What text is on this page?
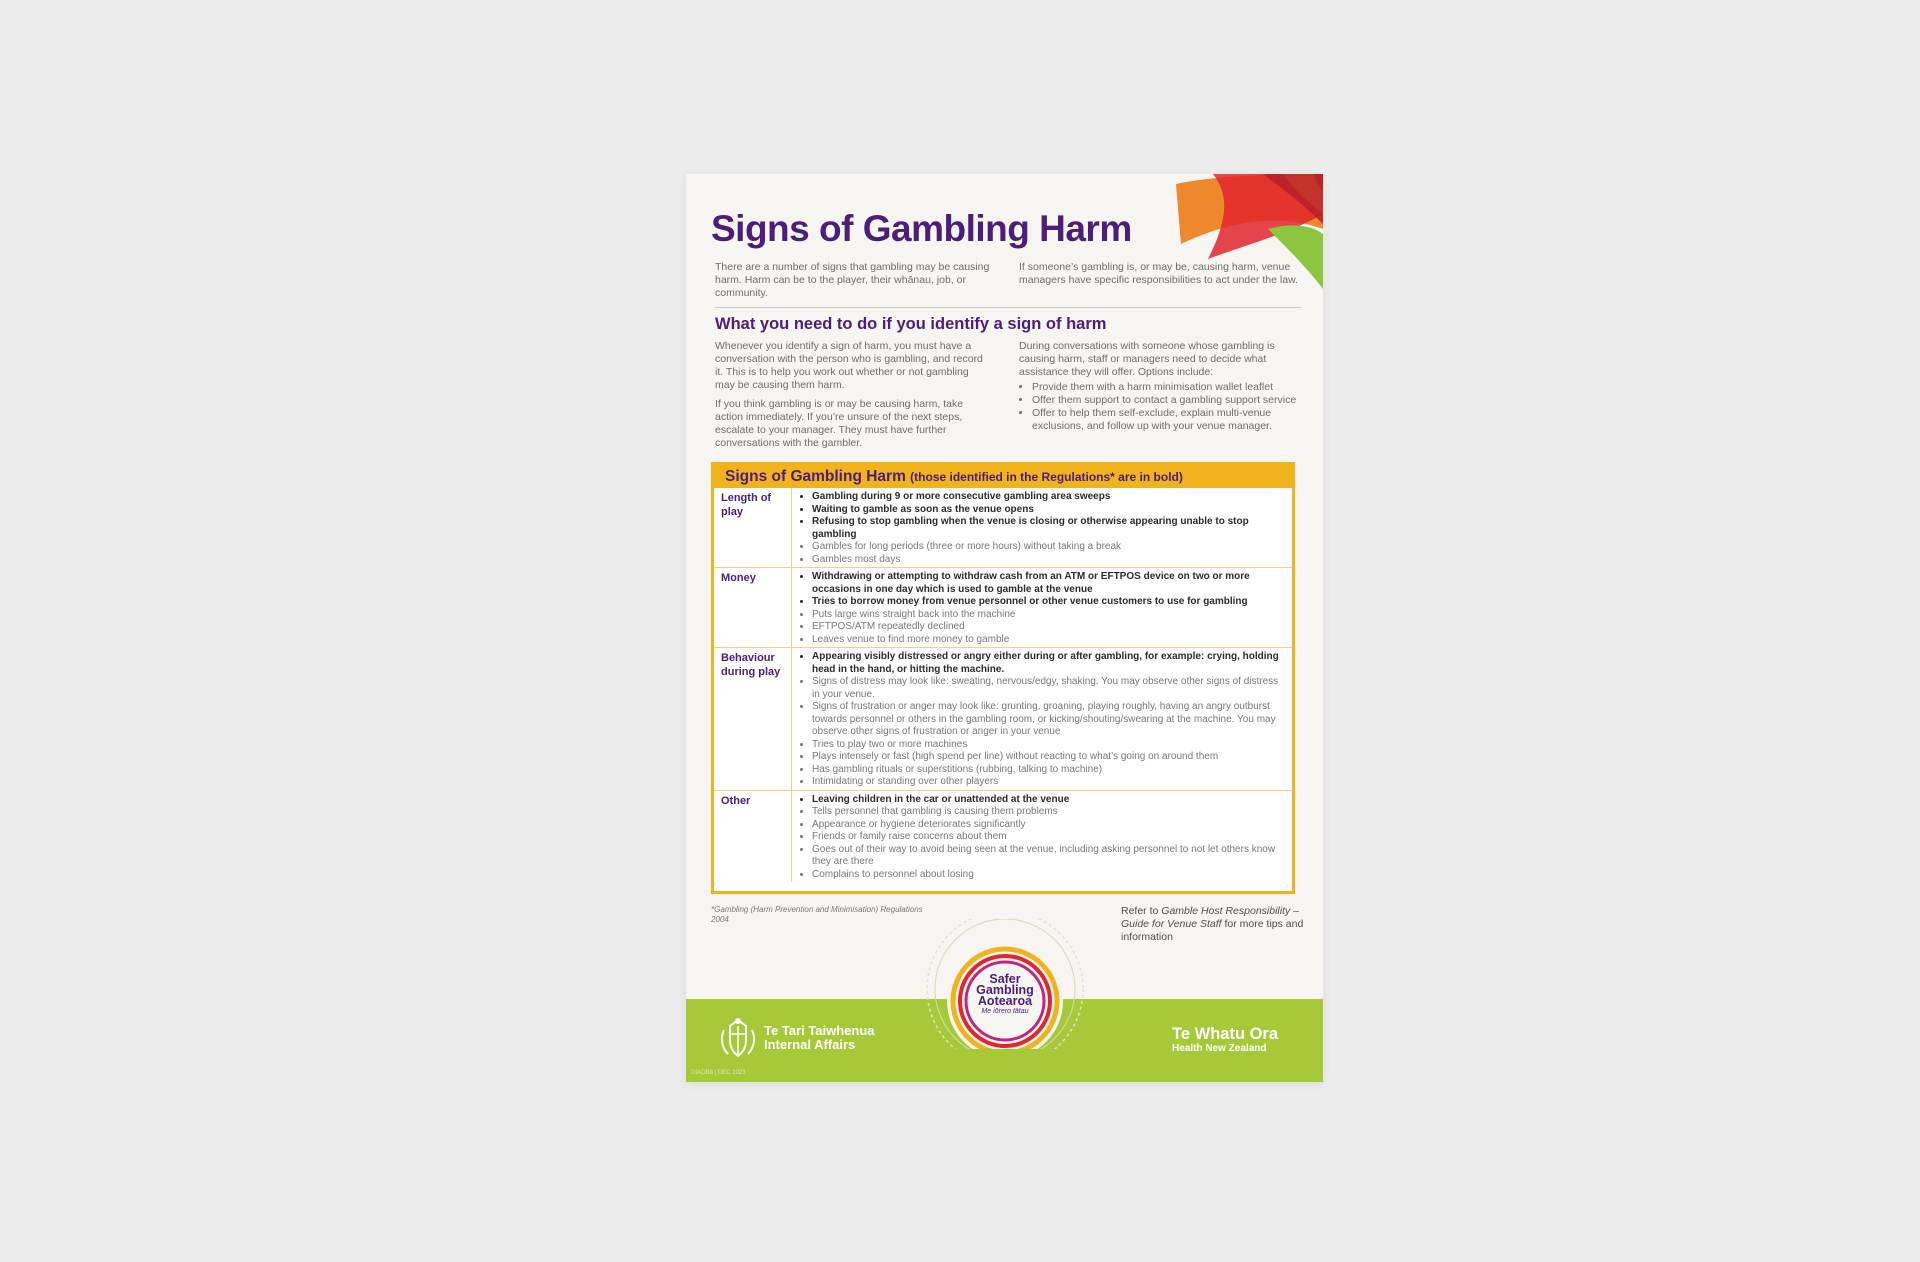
Signs of Gambling Harm
There are a number of signs that gambling may be causing harm. Harm can be to the player, their whānau, job, or community.
If someone’s gambling is, or may be, causing harm, venue managers have specific responsibilities to act under the law.
What you need to do if you identify a sign of harm

Whenever you identify a sign of harm, you must have a conversation with the person who is gambling, and record it. This is to help you work out whether or not gambling may be causing them harm.

If you think gambling is or may be causing harm, take action immediately. If you’re unsure of the next steps, escalate to your manager. They must have further conversations with the gambler.

During conversations with someone whose gambling is causing harm, staff or managers need to decide what assistance they will offer. Options include:

• Provide them with a harm minimisation wallet leaflet
• Offer them support to contact a gambling support service
• Offer to help them self-exclude, explain multi-venue exclusions, and follow up with your venue manager.
Signs of Gambling Harm (those identified in the Regulations* are in bold)
Length of play
• Gambling during 9 or more consecutive gambling area sweeps
• Waiting to gamble as soon as the venue opens
• Refusing to stop gambling when the venue is closing or otherwise appearing unable to stop gambling
• Gambles for long periods (three or more hours) without taking a break
• Gambles most days
Money	• Withdrawing or attempting to withdraw cash from an ATM or EFTPOS device on two or more occasions in one day which is used to gamble at the venue
• Tries to borrow money from venue personnel or other venue customers to use for gambling
• Puts large wins straight back into the machine
• EFTPOS/ATM repeatedly declined
• Leaves venue to find more money to gamble
Behaviour during play
• Appearing visibly distressed or angry either during or after gambling, for example: crying, holding head in the hand, or hitting the machine.
• Signs of distress may look like: sweating, nervous/edgy, shaking. You may observe other signs of distress in your venue.
• Signs of frustration or anger may look like: grunting, groaning, playing roughly, having an angry outburst towards personnel or others in the gambling room, or kicking/shouting/swearing at the machine. You may observe other signs of frustration or anger in your venue
• Tries to play two or more machines
• Plays intensely or fast (high spend per line) without reacting to what’s going on around them
• Has gambling rituals or superstitions (rubbing, talking to machine)
• Intimidating or standing over other players
Other	• Leaving children in the car or unattended at the venue
• Tells personnel that gambling is causing them problems
• Appearance or hygiene deteriorates significantly
• Friends or family raise concerns about them
• Goes out of their way to avoid being seen at the venue, including asking personnel to not let others know they are there
• Complains to personnel about losing
*Gambling (Harm Prevention and Minimisation) Regulations 2004
Refer to Gamble Host Responsibility – Guide for Venue Staff for more tips and information
Safer
Gambling
Aotearoa
Me iōrero tātau
Te Tari Taiwhenua
Internal Affairs
Te Whatu Ora
Health New Zealand
DIAOB8 | DEC 2023
